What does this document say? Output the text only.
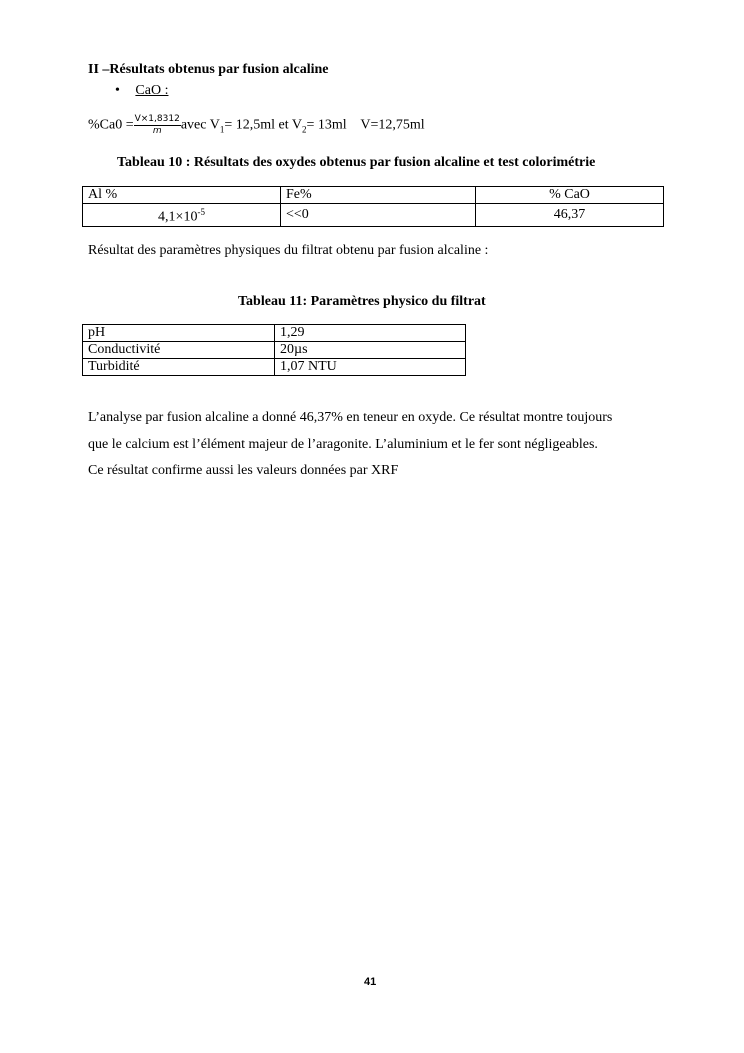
II –Résultats obtenus par fusion alcaline
• CaO :
$\%Ca0 = \frac{V\times 1,8312}{m}$ avec $V_1= 12,5ml$ et $V_2= 13ml$    V=12,75ml
Tableau 10 : Résultats des oxydes obtenus par fusion alcaline et test colorimétrie
Al %	Fe%	% CaO
$4,1\times 10^{-5}$	<<0	46,37
Résultat des paramètres physiques du filtrat obtenu par fusion alcaline :
Tableau 11: Paramètres physico du filtrat
pH	1,29
Conductivité	20µs
Turbidité	1,07 NTU
L’analyse par fusion alcaline a donné 46,37% en teneur en oxyde. Ce résultat montre toujours
que le calcium est l’élément majeur de l’aragonite. L’aluminium et le fer sont négligeables.
Ce résultat confirme aussi les valeurs données par XRF
41
